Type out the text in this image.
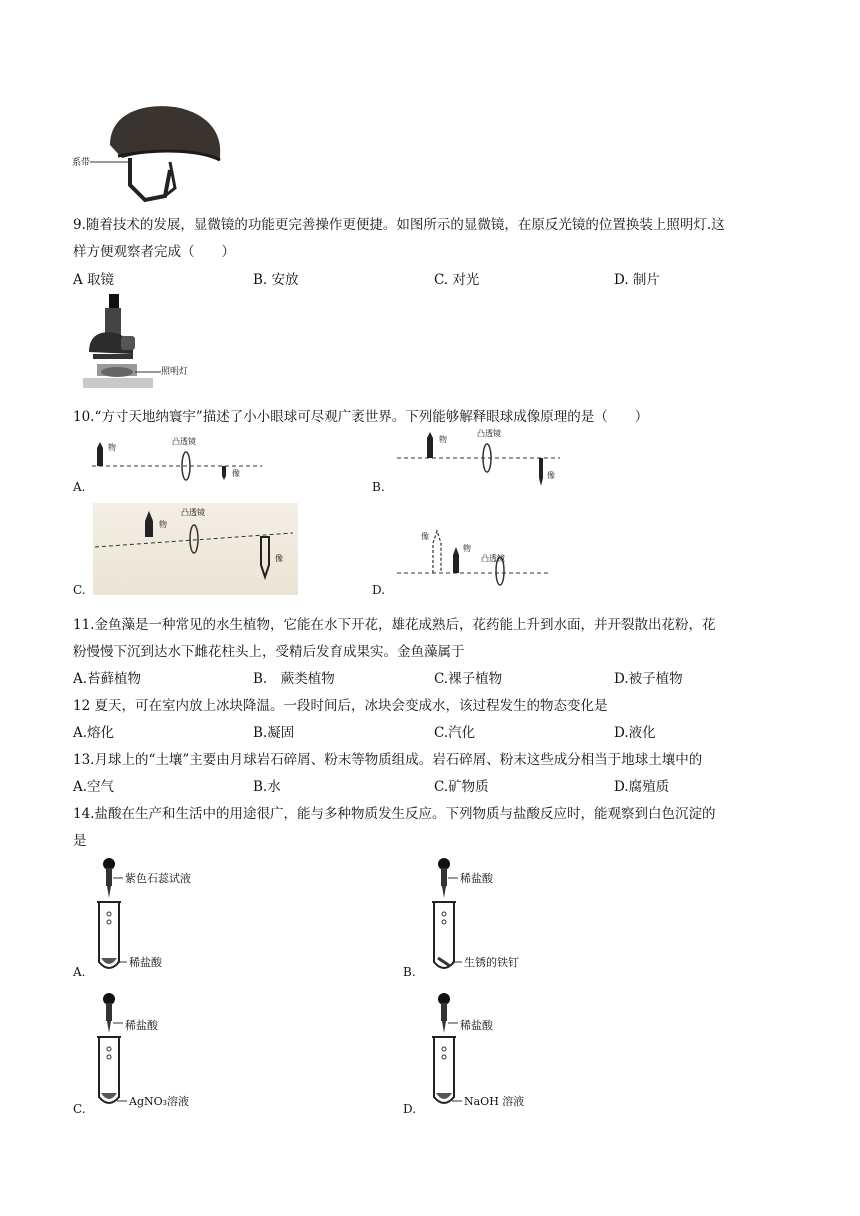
系带
9.随着技术的发展，显微镜的功能更完善操作更便捷。如图所示的显微镜，在原反光镜的位置换装上照明灯.这
样方便观察者完成（　　）
A 取镜	B. 安放	C. 对光	D. 制片
照明灯
10.“方寸天地纳寰宇”描述了小小眼球可尽观广袤世界。下列能够解释眼球成像原理的是（　　）
物
凸透镜
像
A.
物
凸透镜
像
B.
物
凸透镜
像
C.
像
物
凸透镜
D.
11.金鱼藻是一种常见的水生植物，它能在水下开花，雄花成熟后，花药能上升到水面，并开裂散出花粉，花
粉慢慢下沉到达水下雌花柱头上，受精后发育成果实。金鱼藻属于
A.苔藓植物	B.　蕨类植物	C.裸子植物	D.被子植物
12 夏天，可在室内放上冰块降温。一段时间后，冰块会变成水，该过程发生的物态变化是
A.熔化	B.凝固	C.汽化	D.液化
13.月球上的“土壤”主要由月球岩石碎屑、粉末等物质组成。岩石碎屑、粉末这些成分相当于地球土壤中的
A.空气	B.水	C.矿物质	D.腐殖质
14.盐酸在生产和生活中的用途很广，能与多种物质发生反应。下列物质与盐酸反应时，能观察到白色沉淀的
是
紫色石蕊试液
稀盐酸
A.
稀盐酸
生锈的铁钉
B.
稀盐酸
AgNO₃溶液
C.
稀盐酸
NaOH 溶液
D.
